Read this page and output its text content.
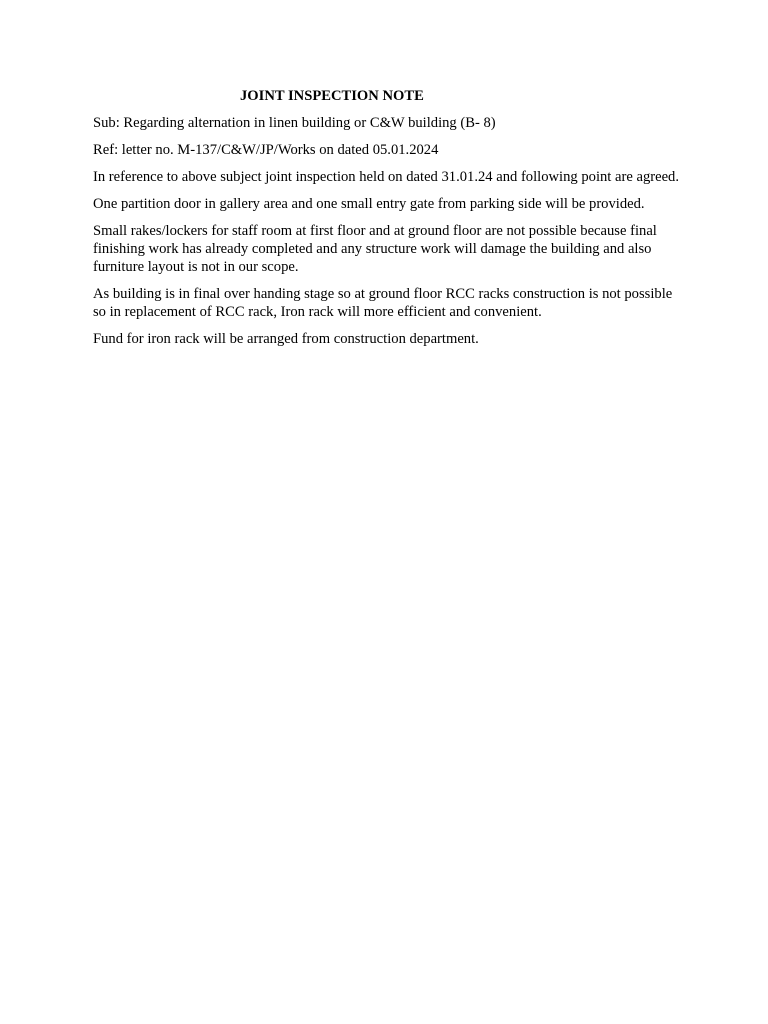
JOINT INSPECTION NOTE

Sub: Regarding alternation in linen building or C&W building (B- 8)

Ref: letter no. M-137/C&W/JP/Works on dated 05.01.2024

In reference to above subject joint inspection held on dated 31.01.24 and following point are agreed.

One partition door in gallery area and one small entry gate from parking side will be provided.

Small rakes/lockers for staff room at first floor and at ground floor are not possible because final finishing work has already completed and any structure work will damage the building and also furniture layout is not in our scope.

As building is in final over handing stage so at ground floor RCC racks construction is not possible so in replacement of RCC rack, Iron rack will more efficient and convenient.

Fund for iron rack will be arranged from construction department.
